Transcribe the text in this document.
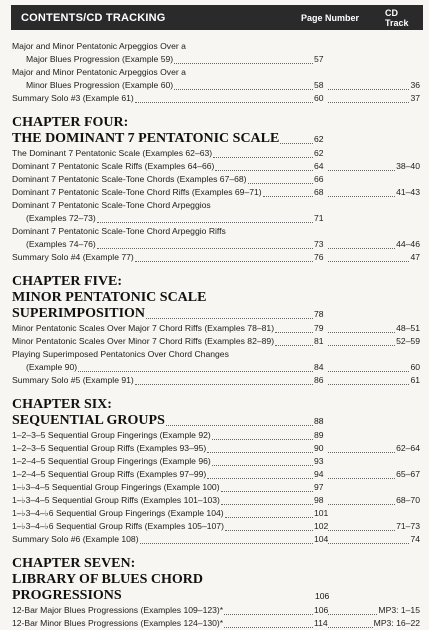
CONTENTS/CD TRACKING	Page Number	CD Track
Major and Minor Pentatonic Arpeggios Over a
Major Blues Progression (Example 59)	57
Major and Minor Pentatonic Arpeggios Over a
Minor Blues Progression (Example 60)	58	36
Summary Solo #3 (Example 61)	60	37
CHAPTER FOUR:
THE DOMINANT 7 PENTATONIC SCALE	62
The Dominant 7 Pentatonic Scale (Examples 62–63)	62
Dominant 7 Pentatonic Scale Riffs (Examples 64–66)	64	38–40
Dominant 7 Pentatonic Scale-Tone Chords (Examples 67–68)	66
Dominant 7 Pentatonic Scale-Tone Chord Riffs (Examples 69–71)	68	41–43
Dominant 7 Pentatonic Scale-Tone Chord Arpeggios
(Examples 72–73)	71
Dominant 7 Pentatonic Scale-Tone Chord Arpeggio Riffs
(Examples 74–76)	73	44–46
Summary Solo #4 (Example 77)	76	47
CHAPTER FIVE:
MINOR PENTATONIC SCALE
SUPERIMPOSITION	78
Minor Pentatonic Scales Over Major 7 Chord Riffs (Examples 78–81)	79	48–51
Minor Pentatonic Scales Over Minor 7 Chord Riffs (Examples 82–89)	81	52–59
Playing Superimposed Pentatonics Over Chord Changes
(Example 90)	84	60
Summary Solo #5 (Example 91)	86	61
CHAPTER SIX:
SEQUENTIAL GROUPS	88
1–2–3–5 Sequential Group Fingerings (Example 92)	89
1–2–3–5 Sequential Group Riffs (Examples 93–95)	90	62–64
1–2–4–5 Sequential Group Fingerings (Example 96)	93
1–2–4–5 Sequential Group Riffs (Examples 97–99)	94	65–67
1–♭3–4–5 Sequential Group Fingerings (Example 100)	97
1–♭3–4–5 Sequential Group Riffs (Examples 101–103)	98	68–70
1–♭3–4–♭6 Sequential Group Fingerings (Example 104)	101
1–♭3–4–♭6 Sequential Group Riffs (Examples 105–107)	102	71–73
Summary Solo #6 (Example 108)	104	74
CHAPTER SEVEN:
LIBRARY OF BLUES CHORD PROGRESSIONS	106
12-Bar Major Blues Progressions (Examples 109–123)*	106	MP3: 1–15
12-Bar Minor Blues Progressions (Examples 124–130)*	114	MP3: 16–22
